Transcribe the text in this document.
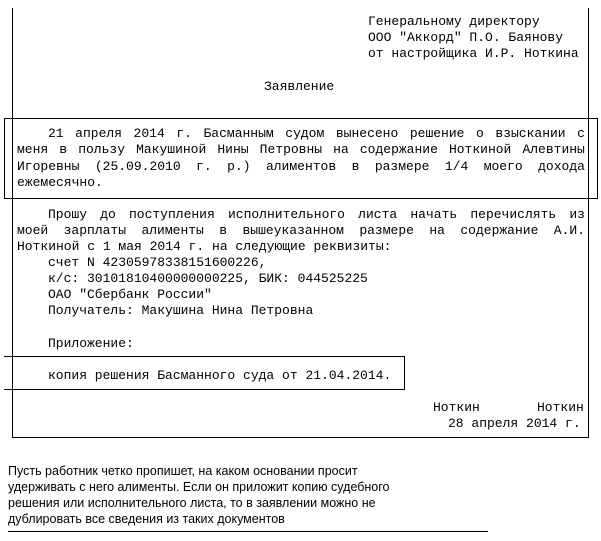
Генеральному директору
ООО "Аккорд" П.О. Баянову
от настройщика И.Р. Ноткина
Заявление
21 апреля 2014 г. Басманным судом вынесено решение о взыскании с
меня в пользу Макушиной Нины Петровны на содержание Ноткиной Алевтины
Игоревны (25.09.2010 г. р.) алиментов в размере 1/4 моего дохода
ежемесячно.
Прошу до поступления исполнительного листа начать перечислять из
моей зарплаты алименты в вышеуказанном размере на содержание А.И.
Ноткиной с 1 мая 2014 г. на следующие реквизиты:
счет N 42305978338151600226,
к/с: 30101810400000000225, БИК: 044525225
ОАО "Сбербанк России"
Получатель: Макушина Нина Петровна
Приложение:
копия решения Басманного суда от 21.04.2014.
Ноткин	Ноткин
28 апреля 2014 г.
Пусть работник четко пропишет, на каком основании просит
удерживать с него алименты. Если он приложит копию судебного
решения или исполнительного листа, то в заявлении можно не
дублировать все сведения из таких документов
